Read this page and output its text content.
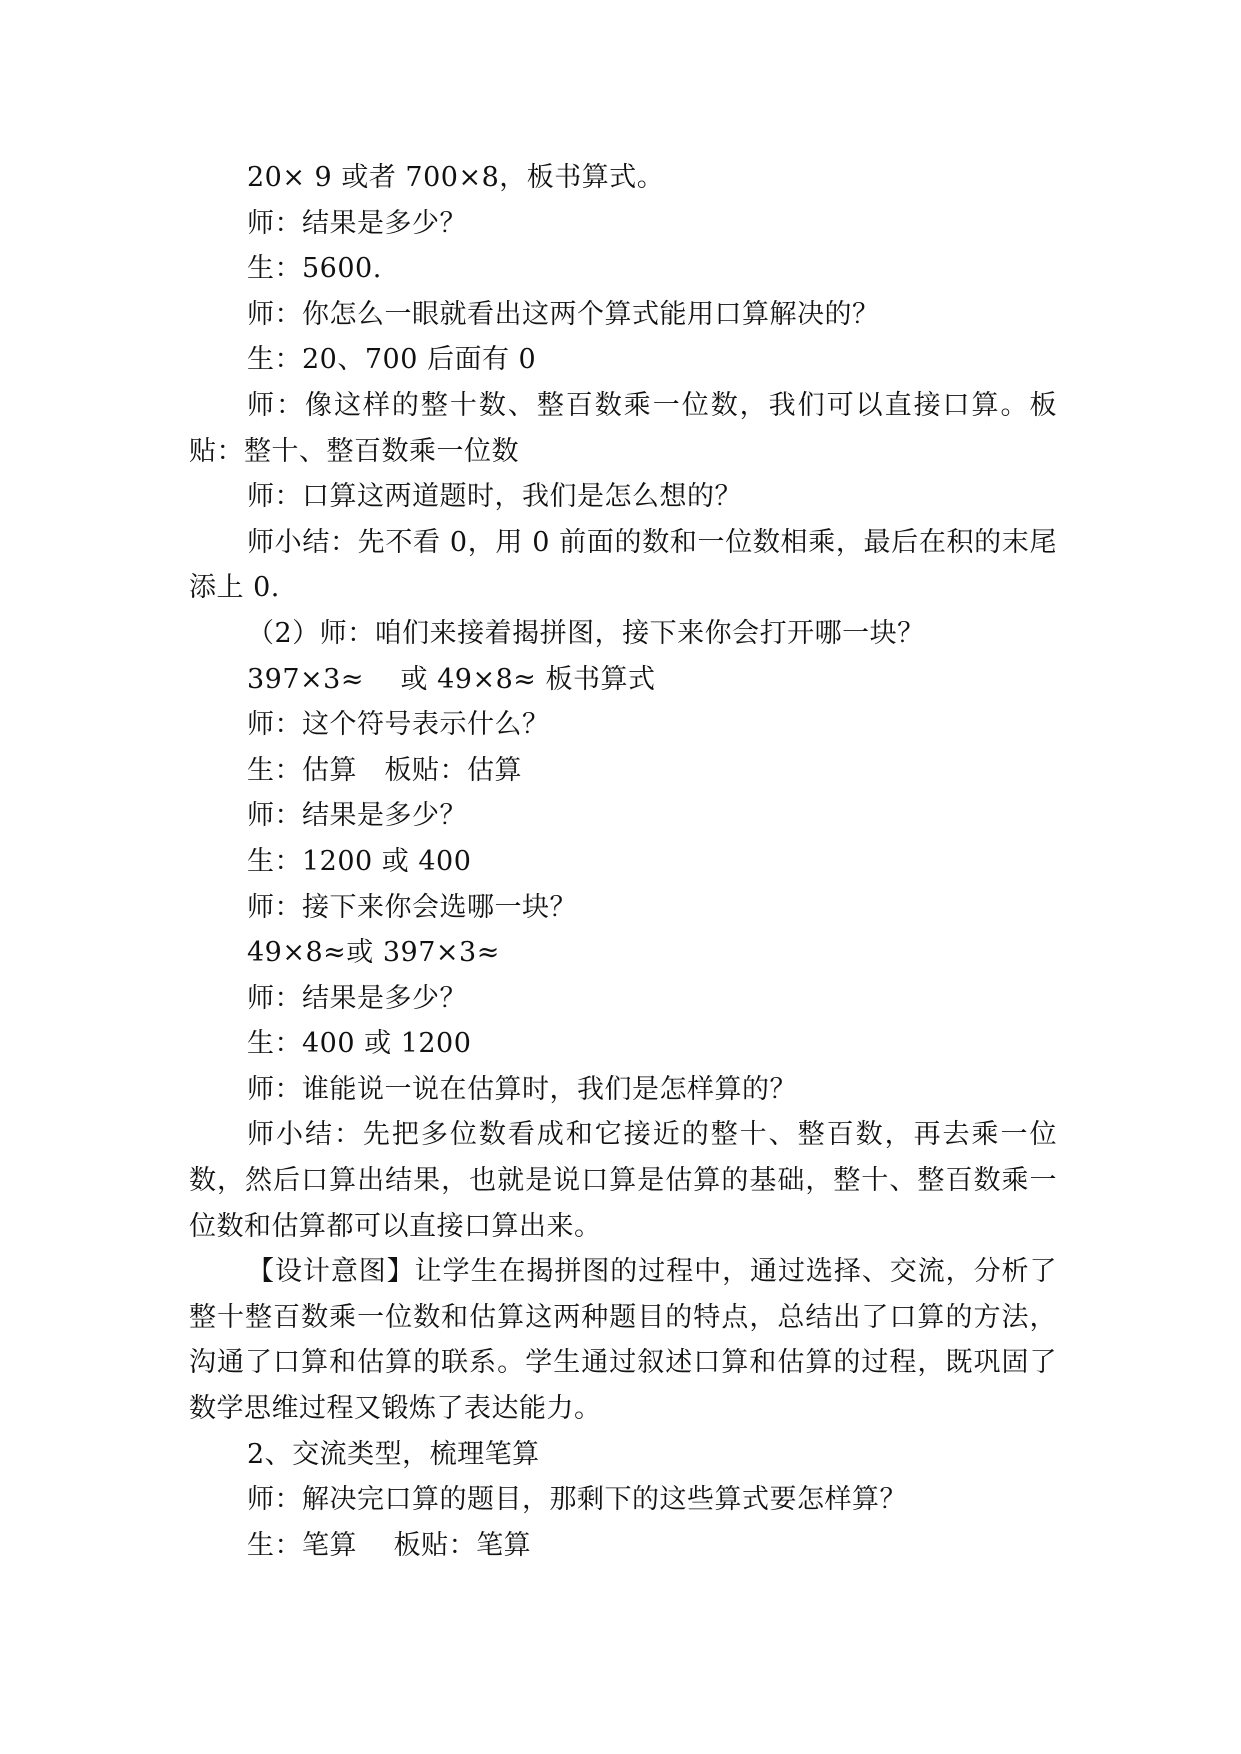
20× 9 或者 700×8，板书算式。

师：结果是多少？

生：5600.

师：你怎么一眼就看出这两个算式能用口算解决的？

生：20、700 后面有 0

师：像这样的整十数、整百数乘一位数，我们可以直接口算。板贴：整十、整百数乘一位数

师：口算这两道题时，我们是怎么想的？

师小结：先不看 0，用 0 前面的数和一位数相乘，最后在积的末尾添上 0.

（2）师：咱们来接着揭拼图，接下来你会打开哪一块？

397×3≈　 或 49×8≈ 板书算式

师：这个符号表示什么？

生：估算　板贴：估算

师：结果是多少？

生：1200 或 400

师：接下来你会选哪一块？

49×8≈或 397×3≈

师：结果是多少？

生：400 或 1200

师：谁能说一说在估算时，我们是怎样算的？

师小结：先把多位数看成和它接近的整十、整百数，再去乘一位数，然后口算出结果，也就是说口算是估算的基础，整十、整百数乘一位数和估算都可以直接口算出来。

【设计意图】让学生在揭拼图的过程中，通过选择、交流，分析了整十整百数乘一位数和估算这两种题目的特点，总结出了口算的方法，沟通了口算和估算的联系。学生通过叙述口算和估算的过程，既巩固了数学思维过程又锻炼了表达能力。

2、交流类型，梳理笔算

师：解决完口算的题目，那剩下的这些算式要怎样算？

生：笔算　 板贴：笔算
